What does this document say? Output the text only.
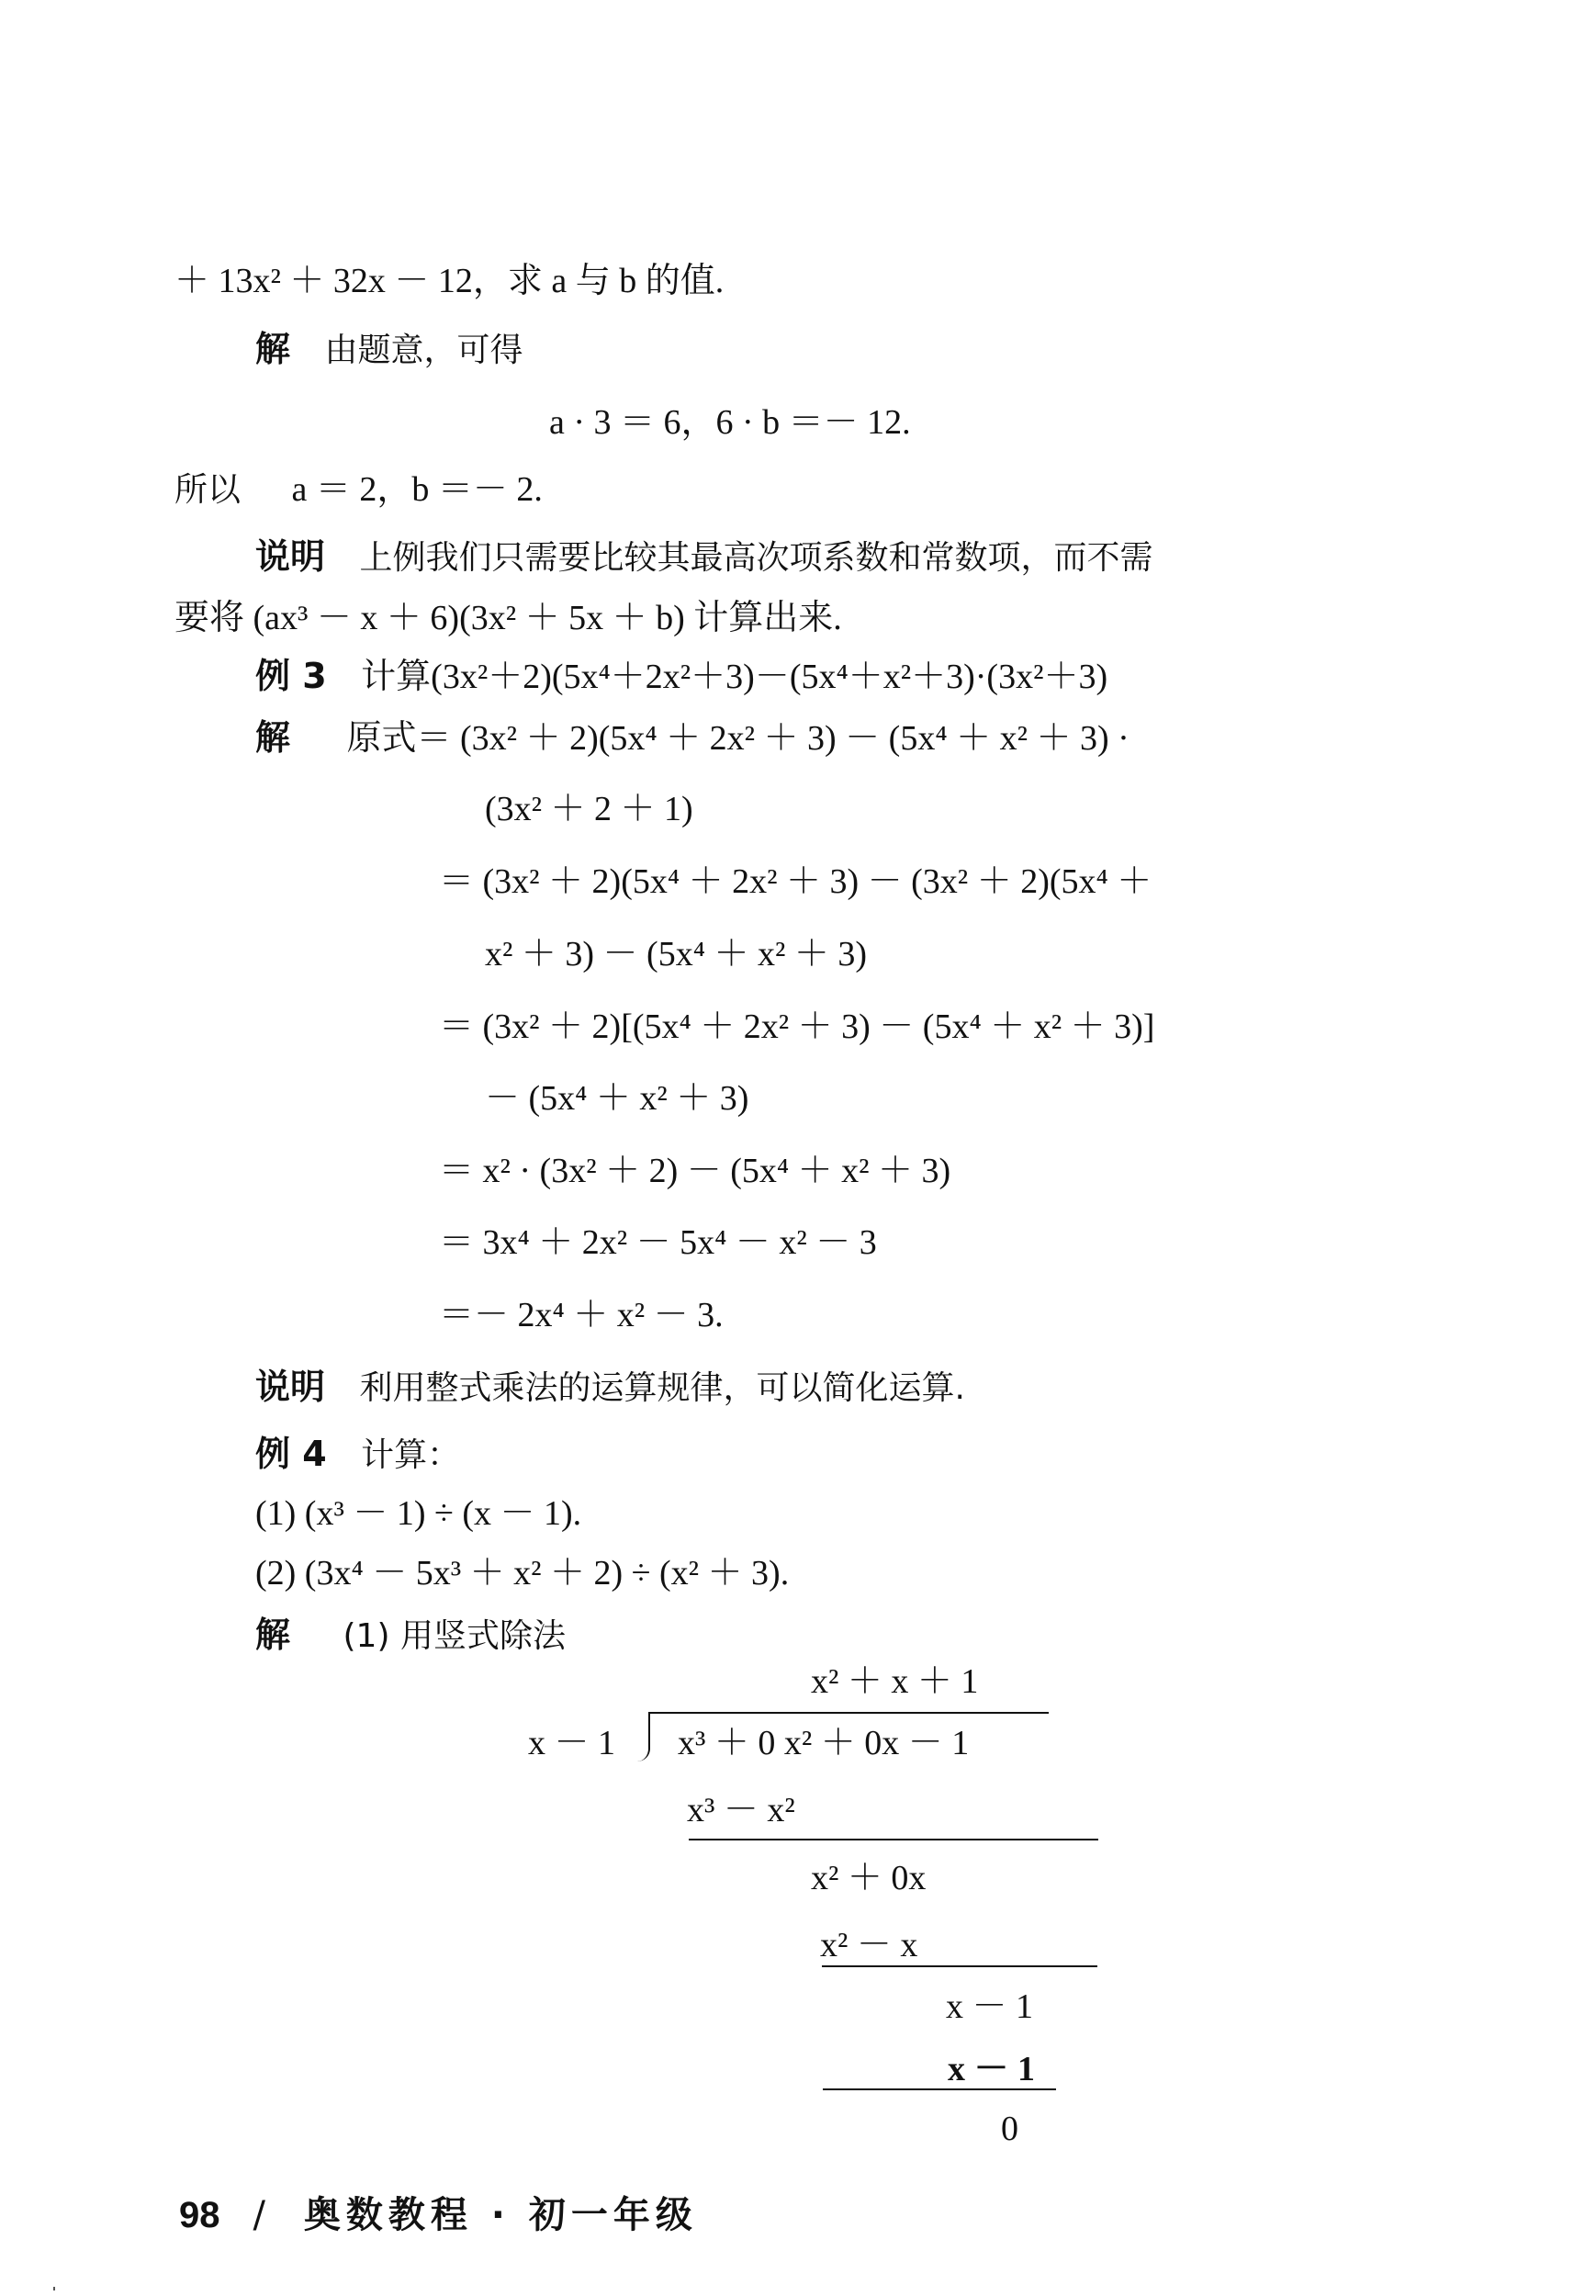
＋ 13x² ＋ 32x － 12，求 a 与 b 的值.
解 由题意，可得
a · 3 ＝ 6，6 · b ＝－ 12.
所以 a ＝ 2，b ＝－ 2.
说明 上例我们只需要比较其最高次项系数和常数项，而不需
要将 (ax³ － x ＋ 6)(3x² ＋ 5x ＋ b) 计算出来.
例 3 计算(3x²＋2)(5x⁴＋2x²＋3)－(5x⁴＋x²＋3)·(3x²＋3)
解 原式＝ (3x² ＋ 2)(5x⁴ ＋ 2x² ＋ 3) － (5x⁴ ＋ x² ＋ 3) ·
(3x² ＋ 2 ＋ 1)
＝ (3x² ＋ 2)(5x⁴ ＋ 2x² ＋ 3) － (3x² ＋ 2)(5x⁴ ＋
x² ＋ 3) － (5x⁴ ＋ x² ＋ 3)
＝ (3x² ＋ 2)[(5x⁴ ＋ 2x² ＋ 3) － (5x⁴ ＋ x² ＋ 3)]
－ (5x⁴ ＋ x² ＋ 3)
＝ x² · (3x² ＋ 2) － (5x⁴ ＋ x² ＋ 3)
＝ 3x⁴ ＋ 2x² － 5x⁴ － x² － 3
＝－ 2x⁴ ＋ x² － 3.
说明 利用整式乘法的运算规律，可以简化运算.
例 4 计算：
(1) (x³ － 1) ÷ (x － 1).
(2) (3x⁴ － 5x³ ＋ x² ＋ 2) ÷ (x² ＋ 3).
解 (1) 用竖式除法
x² ＋ x ＋ 1
x － 1 x³ ＋ 0 x² ＋ 0x － 1
x³ － x²
x² ＋ 0x
x² － x
x － 1
x － 1
0
98 / 奥数教程 · 初一年级
